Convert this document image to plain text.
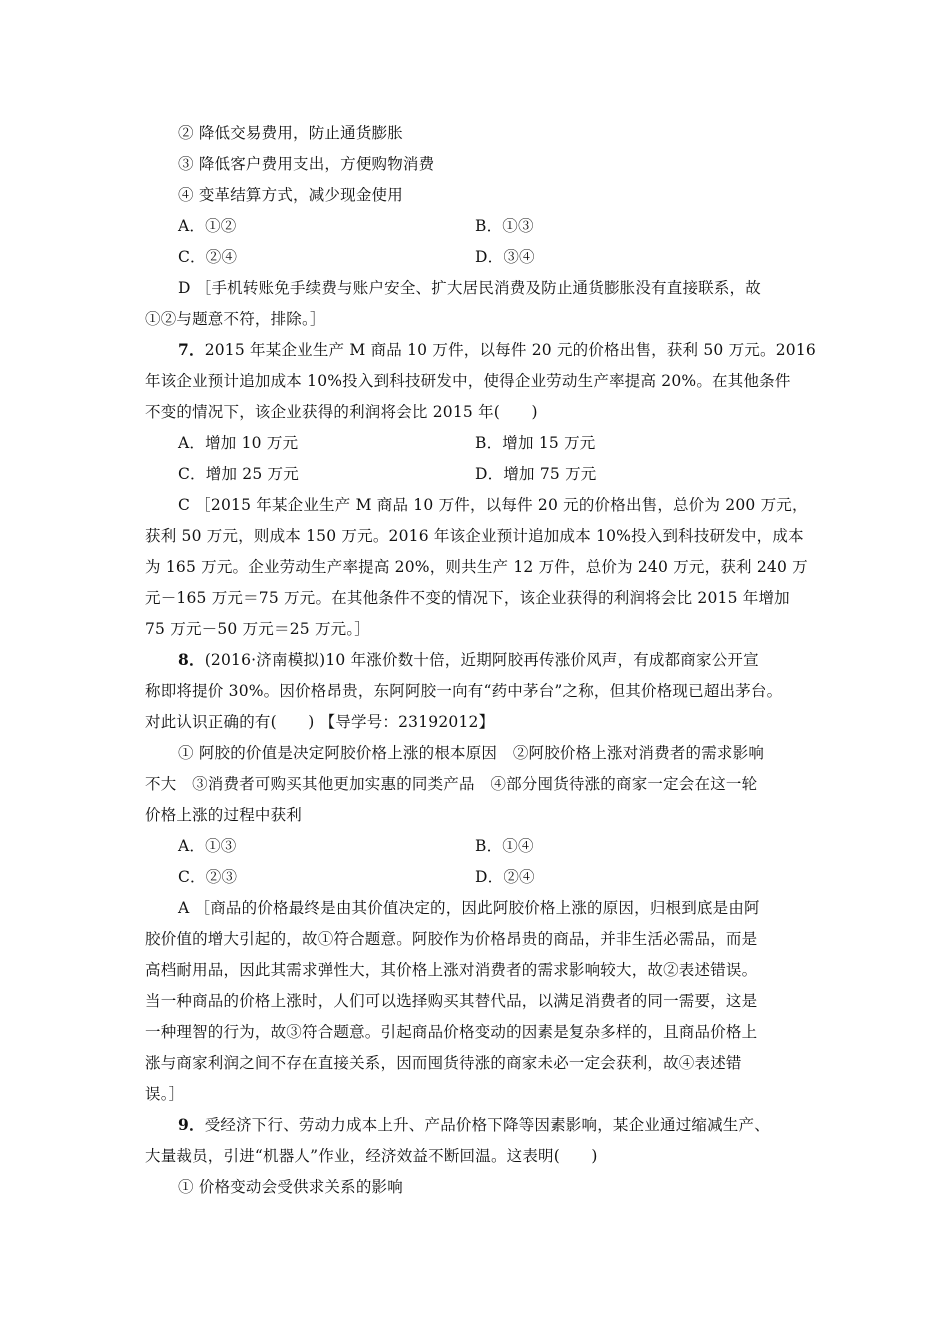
② 降低交易费用，防止通货膨胀
③ 降低客户费用支出，方便购物消费
④ 变革结算方式，减少现金使用
A．①②	B．①③
C．②④	D．③④
D ［手机转账免手续费与账户安全、扩大居民消费及防止通货膨胀没有直接联系，故
①②与题意不符，排除。］
7．2015 年某企业生产 M 商品 10 万件，以每件 20 元的价格出售，获利 50 万元。2016
年该企业预计追加成本 10%投入到科技研发中，使得企业劳动生产率提高 20%。在其他条件
不变的情况下，该企业获得的利润将会比 2015 年(　　)
A．增加 10 万元	B．增加 15 万元
C．增加 25 万元	D．增加 75 万元
C ［2015 年某企业生产 M 商品 10 万件，以每件 20 元的价格出售，总价为 200 万元，
获利 50 万元，则成本 150 万元。2016 年该企业预计追加成本 10%投入到科技研发中，成本
为 165 万元。企业劳动生产率提高 20%，则共生产 12 万件，总价为 240 万元，获利 240 万
元－165 万元＝75 万元。在其他条件不变的情况下，该企业获得的利润将会比 2015 年增加
75 万元－50 万元＝25 万元。］
8．(2016·济南模拟)10 年涨价数十倍，近期阿胶再传涨价风声，有成都商家公开宣
称即将提价 30%。因价格昂贵，东阿阿胶一向有“药中茅台”之称，但其价格现已超出茅台。
对此认识正确的有(　　) 【导学号：23192012】
① 阿胶的价值是决定阿胶价格上涨的根本原因　②阿胶价格上涨对消费者的需求影响
不大　③消费者可购买其他更加实惠的同类产品　④部分囤货待涨的商家一定会在这一轮
价格上涨的过程中获利
A．①③	B．①④
C．②③	D．②④
A ［商品的价格最终是由其价值决定的，因此阿胶价格上涨的原因，归根到底是由阿
胶价值的增大引起的，故①符合题意。阿胶作为价格昂贵的商品，并非生活必需品，而是
高档耐用品，因此其需求弹性大，其价格上涨对消费者的需求影响较大，故②表述错误。
当一种商品的价格上涨时，人们可以选择购买其替代品，以满足消费者的同一需要，这是
一种理智的行为，故③符合题意。引起商品价格变动的因素是复杂多样的，且商品价格上
涨与商家利润之间不存在直接关系，因而囤货待涨的商家未必一定会获利，故④表述错
误。］
9．受经济下行、劳动力成本上升、产品价格下降等因素影响，某企业通过缩减生产、
大量裁员，引进“机器人”作业，经济效益不断回温。这表明(　　)
① 价格变动会受供求关系的影响
